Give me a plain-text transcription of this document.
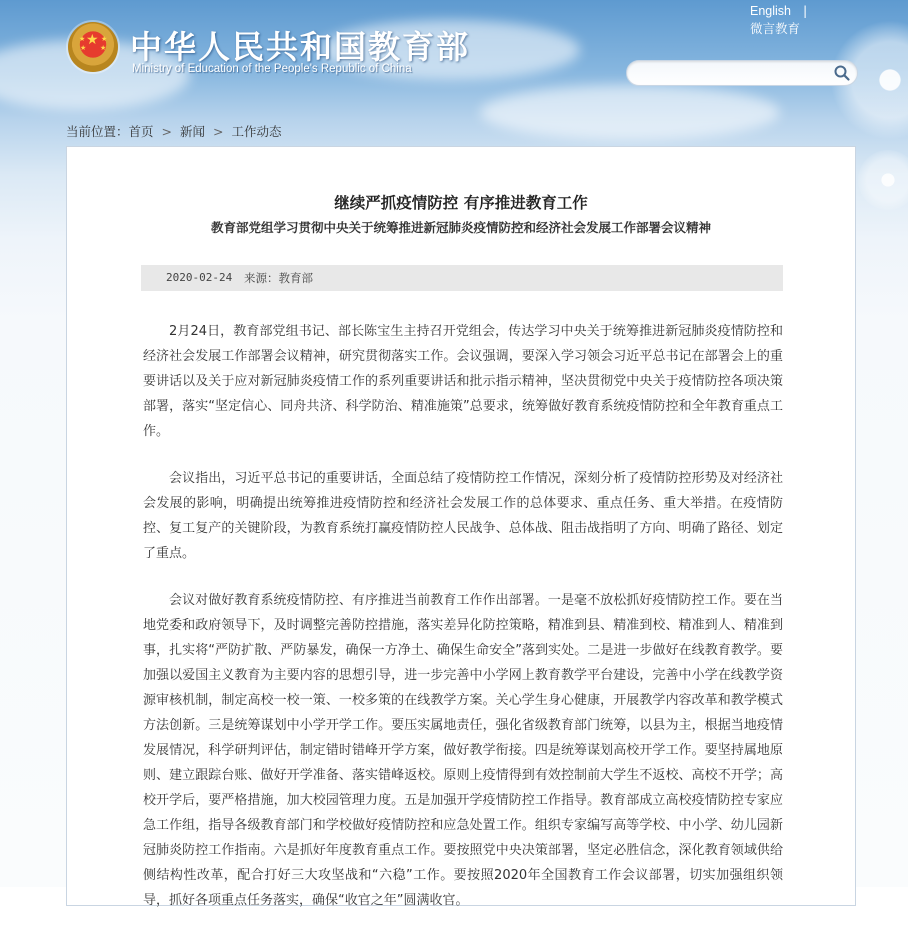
★
★ ★
★ ★ 中华人民共和国教育部
Ministry of Education of the People's Republic of China
English |
微言教育
当前位置：首页 > 新闻 > 工作动态
继续严抓疫情防控 有序推进教育工作
教育部党组学习贯彻中央关于统筹推进新冠肺炎疫情防控和经济社会发展工作部署会议精神
2020-02-24 来源：教育部

2月24日，教育部党组书记、部长陈宝生主持召开党组会，传达学习中央关于统筹推进新冠肺炎疫情防控和经济社会发展工作部署会议精神，研究贯彻落实工作。会议强调，要深入学习领会习近平总书记在部署会上的重要讲话以及关于应对新冠肺炎疫情工作的系列重要讲话和批示指示精神，坚决贯彻党中央关于疫情防控各项决策部署，落实“坚定信心、同舟共济、科学防治、精准施策”总要求，统筹做好教育系统疫情防控和全年教育重点工作。

会议指出，习近平总书记的重要讲话，全面总结了疫情防控工作情况，深刻分析了疫情防控形势及对经济社会发展的影响，明确提出统筹推进疫情防控和经济社会发展工作的总体要求、重点任务、重大举措。在疫情防控、复工复产的关键阶段，为教育系统打赢疫情防控人民战争、总体战、阻击战指明了方向、明确了路径、划定了重点。

会议对做好教育系统疫情防控、有序推进当前教育工作作出部署。一是毫不放松抓好疫情防控工作。要在当地党委和政府领导下，及时调整完善防控措施，落实差异化防控策略，精准到县、精准到校、精准到人、精准到事，扎实将“严防扩散、严防暴发，确保一方净土、确保生命安全”落到实处。二是进一步做好在线教育教学。要加强以爱国主义教育为主要内容的思想引导，进一步完善中小学网上教育教学平台建设，完善中小学在线教学资源审核机制，制定高校一校一策、一校多策的在线教学方案。关心学生身心健康，开展教学内容改革和教学模式方法创新。三是统筹谋划中小学开学工作。要压实属地责任，强化省级教育部门统筹，以县为主，根据当地疫情发展情况，科学研判评估，制定错时错峰开学方案，做好教学衔接。四是统筹谋划高校开学工作。要坚持属地原则、建立跟踪台账、做好开学准备、落实错峰返校。原则上疫情得到有效控制前大学生不返校、高校不开学；高校开学后，要严格措施，加大校园管理力度。五是加强开学疫情防控工作指导。教育部成立高校疫情防控专家应急工作组，指导各级教育部门和学校做好疫情防控和应急处置工作。组织专家编写高等学校、中小学、幼儿园新冠肺炎防控工作指南。六是抓好年度教育重点工作。要按照党中央决策部署，坚定必胜信念，深化教育领域供给侧结构性改革，配合打好三大攻坚战和“六稳”工作。要按照2020年全国教育工作会议部署，切实加强组织领导，抓好各项重点任务落实，确保“收官之年”圆满收官。
